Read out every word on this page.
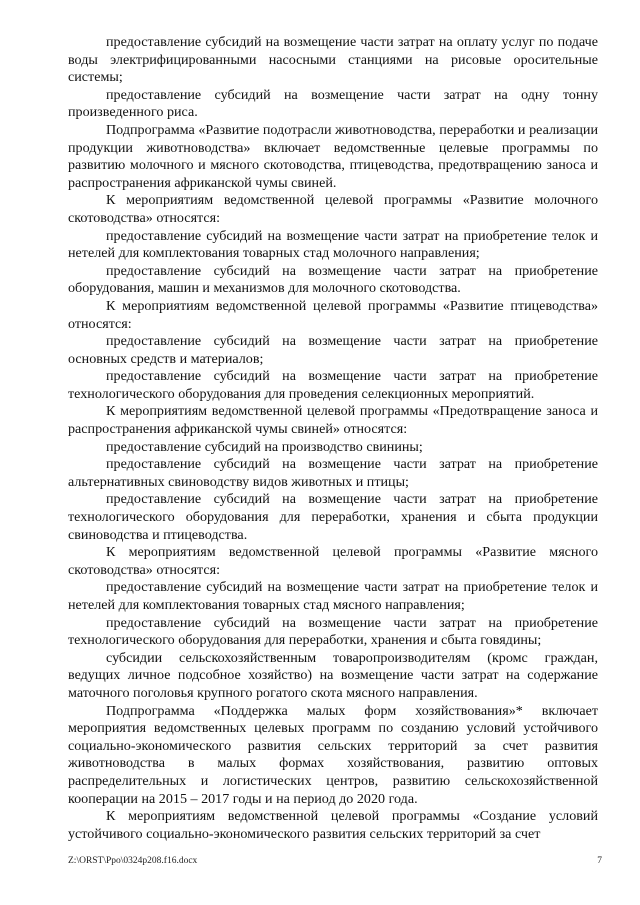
предоставление субсидий на возмещение части затрат на оплату услуг по подаче воды электрифицированными насосными станциями на рисовые оросительные системы;

предоставление субсидий на возмещение части затрат на одну тонну произведенного риса.

Подпрограмма «Развитие подотрасли животноводства, переработки и реализации продукции животноводства» включает ведомственные целевые программы по развитию молочного и мясного скотоводства, птицеводства, предотвращению заноса и распространения африканской чумы свиней.

К мероприятиям ведомственной целевой программы «Развитие молочного скотоводства» относятся:

предоставление субсидий на возмещение части затрат на приобретение телок и нетелей для комплектования товарных стад молочного направления;

предоставление субсидий на возмещение части затрат на приобретение оборудования, машин и механизмов для молочного скотоводства.

К мероприятиям ведомственной целевой программы «Развитие птицеводства» относятся:

предоставление субсидий на возмещение части затрат на приобретение основных средств и материалов;

предоставление субсидий на возмещение части затрат на приобретение технологического оборудования для проведения селекционных мероприятий.

К мероприятиям ведомственной целевой программы «Предотвращение заноса и распространения африканской чумы свиней» относятся:

предоставление субсидий на производство свинины;

предоставление субсидий на возмещение части затрат на приобретение альтернативных свиноводству видов животных и птицы;

предоставление субсидий на возмещение части затрат на приобретение технологического оборудования для переработки, хранения и сбыта продукции свиноводства и птицеводства.

К мероприятиям ведомственной целевой программы «Развитие мясного скотоводства» относятся:

предоставление субсидий на возмещение части затрат на приобретение телок и нетелей для комплектования товарных стад мясного направления;

предоставление субсидий на возмещение части затрат на приобретение технологического оборудования для переработки, хранения и сбыта говядины;

субсидии сельскохозяйственным товаропроизводителям (кромс граждан, ведущих личное подсобное хозяйство) на возмещение части затрат на содержание маточного поголовья крупного рогатого скота мясного направления.

Подпрограмма «Поддержка малых форм хозяйствования»* включает мероприятия ведомственных целевых программ по созданию условий устойчивого социально-экономического развития сельских территорий за счет развития животноводства в малых формах хозяйствования, развитию оптовых распределительных и логистических центров, развитию сельскохозяйственной кооперации на 2015 – 2017 годы и на период до 2020 года.

К мероприятиям ведомственной целевой программы «Создание условий устойчивого социально-экономического развития сельских территорий за счет

Z:\ORST\Ppo\0324p208.f16.docx	7
